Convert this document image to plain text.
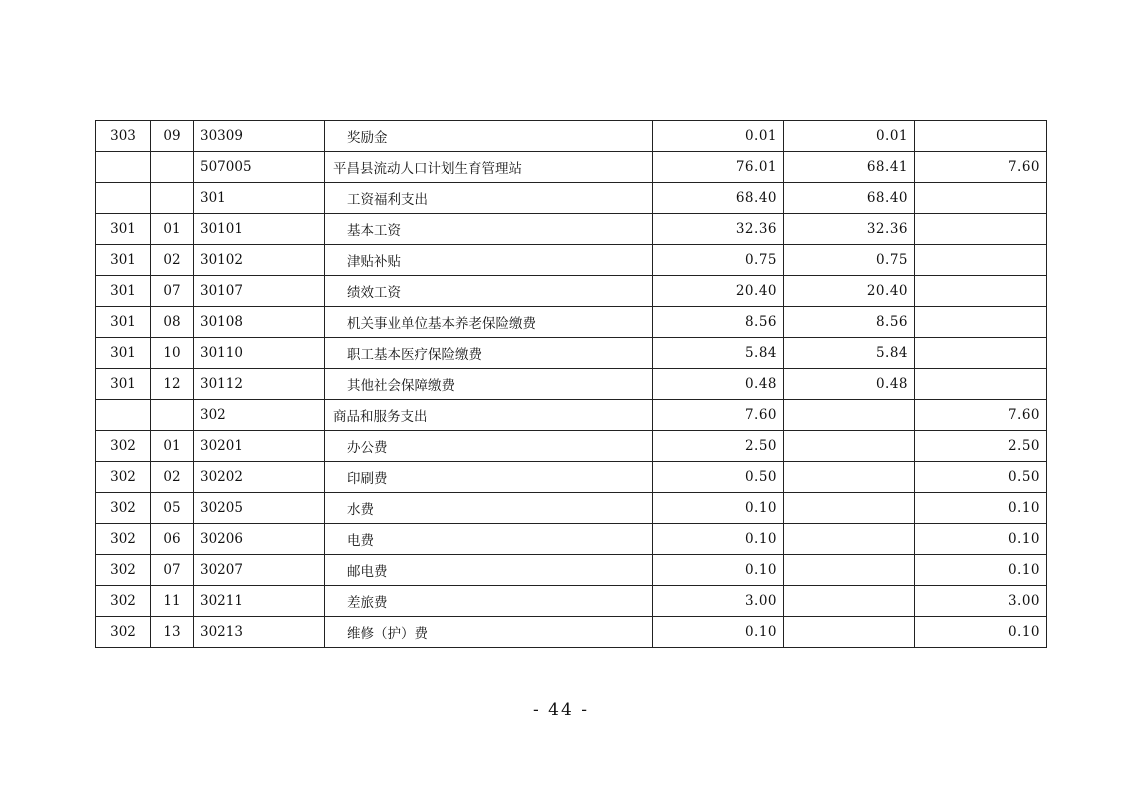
303	09	30309	奖励金	0.01	0.01	
		507005	平昌县流动人口计划生育管理站	76.01	68.41	7.60
		301	工资福利支出	68.40	68.40	
301	01	30101	基本工资	32.36	32.36	
301	02	30102	津贴补贴	0.75	0.75	
301	07	30107	绩效工资	20.40	20.40	
301	08	30108	机关事业单位基本养老保险缴费	8.56	8.56	
301	10	30110	职工基本医疗保险缴费	5.84	5.84	
301	12	30112	其他社会保障缴费	0.48	0.48	
		302	商品和服务支出	7.60		7.60
302	01	30201	办公费	2.50		2.50
302	02	30202	印刷费	0.50		0.50
302	05	30205	水费	0.10		0.10
302	06	30206	电费	0.10		0.10
302	07	30207	邮电费	0.10		0.10
302	11	30211	差旅费	3.00		3.00
302	13	30213	维修（护）费	0.10		0.10
- 44 -
